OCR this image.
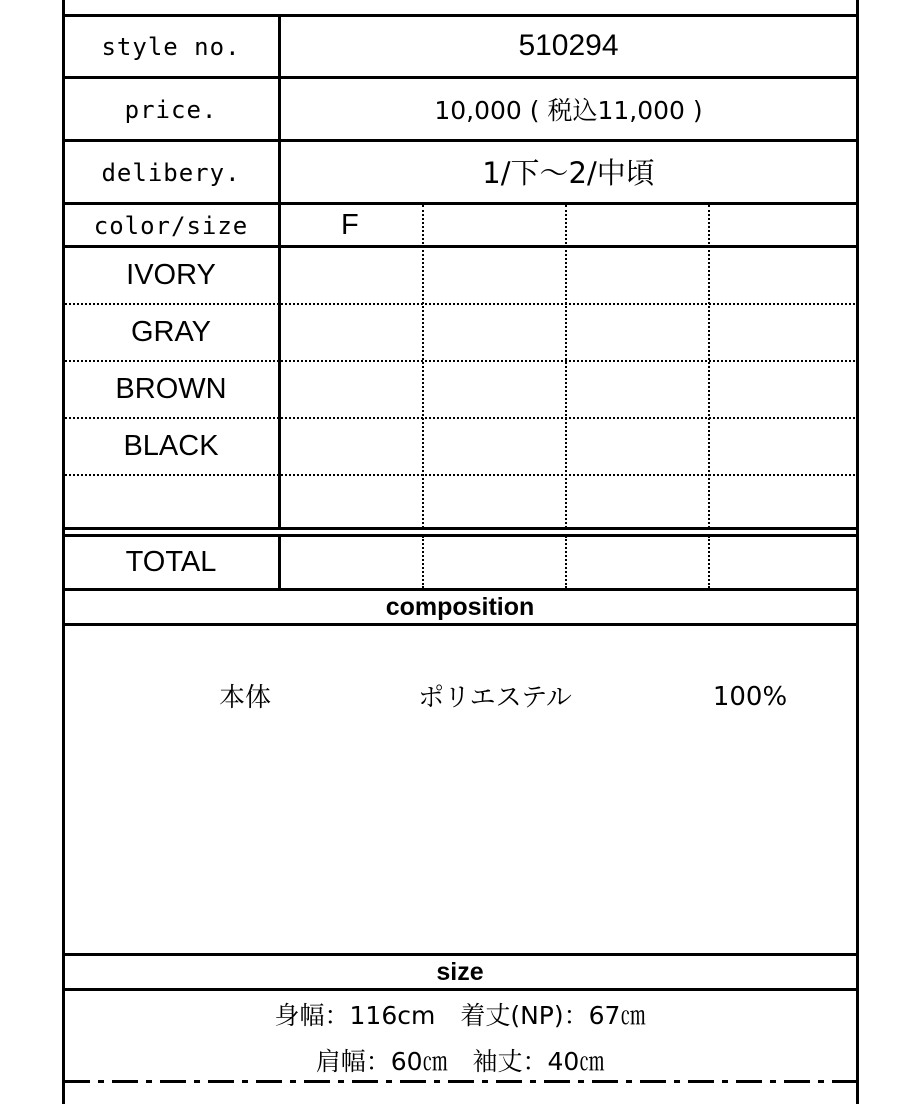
style no.	510294
price.	10,000 ( 税込11,000 )
delibery.	1/下～2/中頃
color/size	F
IVORY
GRAY
BROWN
BLACK
TOTAL
composition
本体	ポリエステル	100%
size
身幅：116cm　着丈(NP)：67㎝
肩幅：60㎝　袖丈：40㎝
